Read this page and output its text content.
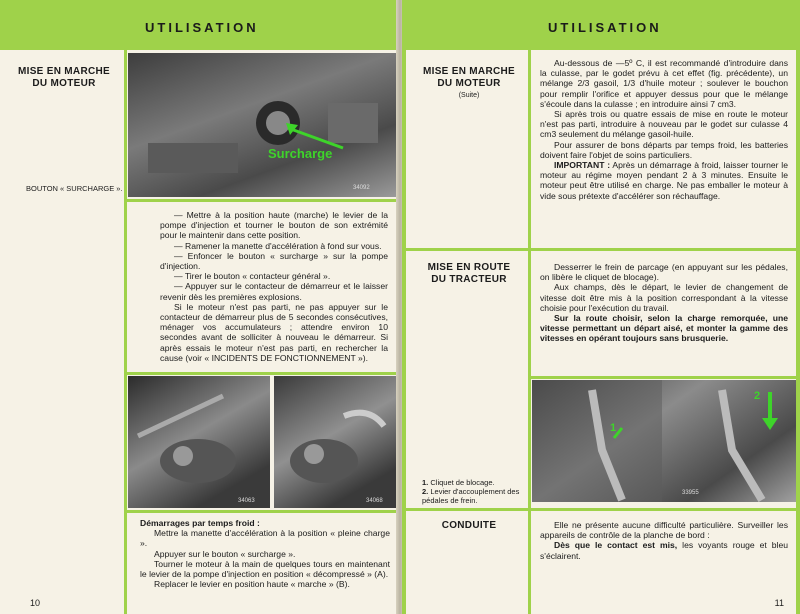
UTILISATION
MISE EN MARCHE
DU MOTEUR
Surcharge
34092
BOUTON « SURCHARGE ».

— Mettre à la position haute (marche) le levier de la pompe d'injection et tourner le bouton de son extrémité pour le maintenir dans cette position.

— Ramener la manette d'accélération à fond sur vous.

— Enfoncer le bouton « surcharge » sur la pompe d'injection.

— Tirer le bouton « contacteur général ».

— Appuyer sur le contacteur de démarreur et le laisser revenir dès les premières explosions.

Si le moteur n'est pas parti, ne pas appuyer sur le contacteur de démarreur plus de 5 secondes consécutives, ménager vos accumulateurs ; attendre environ 10 secondes avant de solliciter à nouveau le démarreur. Si après essais le moteur n'est pas parti, en rechercher la cause (voir « INCIDENTS DE FONCTIONNEMENT »).

34063	34068

Démarrages par temps froid :

Mettre la manette d'accélération à la position « pleine charge ».

Appuyer sur le bouton « surcharge ».

Tourner le moteur à la main de quelques tours en maintenant le levier de la pompe d'injection en position « décompressé » (A).

Replacer le levier en position haute « marche » (B).

10
UTILISATION
MISE EN MARCHE
DU MOTEUR
(Suite)

Au-dessous de —5º C, il est recommandé d'introduire dans la culasse, par le godet prévu à cet effet (fig. précédente), un mélange 2/3 gasoil, 1/3 d'huile moteur ; soulever le bouchon pour remplir l'orifice et appuyer dessus pour que le mélange s'écoule dans la culasse ; en introduire ainsi 7 cm3.

Si après trois ou quatre essais de mise en route le moteur n'est pas parti, introduire à nouveau par le godet sur culasse 4 cm3 seulement du mélange gasoil-huile.

Pour assurer de bons départs par temps froid, les batteries doivent faire l'objet de soins particuliers.

IMPORTANT : Après un démarrage à froid, laisser tourner le moteur au régime moyen pendant 2 à 3 minutes. Ensuite le moteur peut être utilisé en charge. Ne pas emballer le moteur à vide sous prétexte d'accélérer son réchauffage.

MISE EN ROUTE
DU TRACTEUR

Desserrer le frein de parcage (en appuyant sur les pédales, on libère le cliquet de blocage).

Aux champs, dès le départ, le levier de changement de vitesse doit être mis à la position correspondant à la vitesse choisie pour l'exécution du travail.

Sur la route choisir, selon la charge remorquée, une vitesse permettant un départ aisé, et monter la gamme des vitesses en opérant toujours sans brusquerie.

1. Cliquet de blocage.
2. Levier d'accouplement des pédales de frein.
1
2
33955
CONDUITE	Elle ne présente aucune difficulté particulière. Surveiller les appareils de contrôle de la planche de bord :

Dès que le contact est mis, les voyants rouge et bleu s'éclairent.

11
